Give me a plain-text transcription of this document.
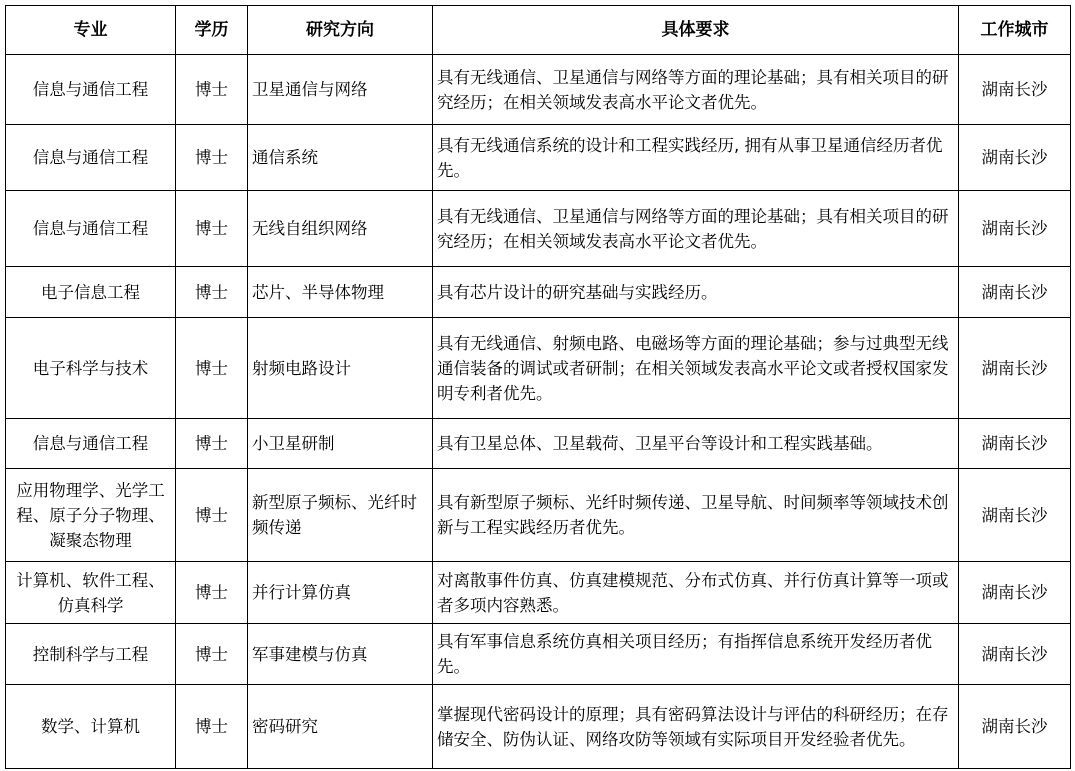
专业	学历	研究方向	具体要求	工作城市
信息与通信工程	博士	卫星通信与网络	具有无线通信、卫星通信与网络等方面的理论基础；具有相关项目的研究经历；在相关领域发表高水平论文者优先。	湖南长沙
信息与通信工程	博士	通信系统	具有无线通信系统的设计和工程实践经历, 拥有从事卫星通信经历者优先。	湖南长沙
信息与通信工程	博士	无线自组织网络	具有无线通信、卫星通信与网络等方面的理论基础；具有相关项目的研究经历；在相关领域发表高水平论文者优先。	湖南长沙
电子信息工程	博士	芯片、半导体物理	具有芯片设计的研究基础与实践经历。	湖南长沙
电子科学与技术	博士	射频电路设计	具有无线通信、射频电路、电磁场等方面的理论基础；参与过典型无线通信装备的调试或者研制；在相关领域发表高水平论文或者授权国家发明专利者优先。	湖南长沙
信息与通信工程	博士	小卫星研制	具有卫星总体、卫星载荷、卫星平台等设计和工程实践基础。	湖南长沙
应用物理学、光学工程、原子分子物理、凝聚态物理	博士	新型原子频标、光纤时频传递	具有新型原子频标、光纤时频传递、卫星导航、时间频率等领域技术创新与工程实践经历者优先。	湖南长沙
计算机、软件工程、仿真科学	博士	并行计算仿真	对离散事件仿真、仿真建模规范、分布式仿真、并行仿真计算等一项或者多项内容熟悉。	湖南长沙
控制科学与工程	博士	军事建模与仿真	具有军事信息系统仿真相关项目经历；有指挥信息系统开发经历者优先。	湖南长沙
数学、计算机	博士	密码研究	掌握现代密码设计的原理；具有密码算法设计与评估的科研经历；在存储安全、防伪认证、网络攻防等领域有实际项目开发经验者优先。	湖南长沙
